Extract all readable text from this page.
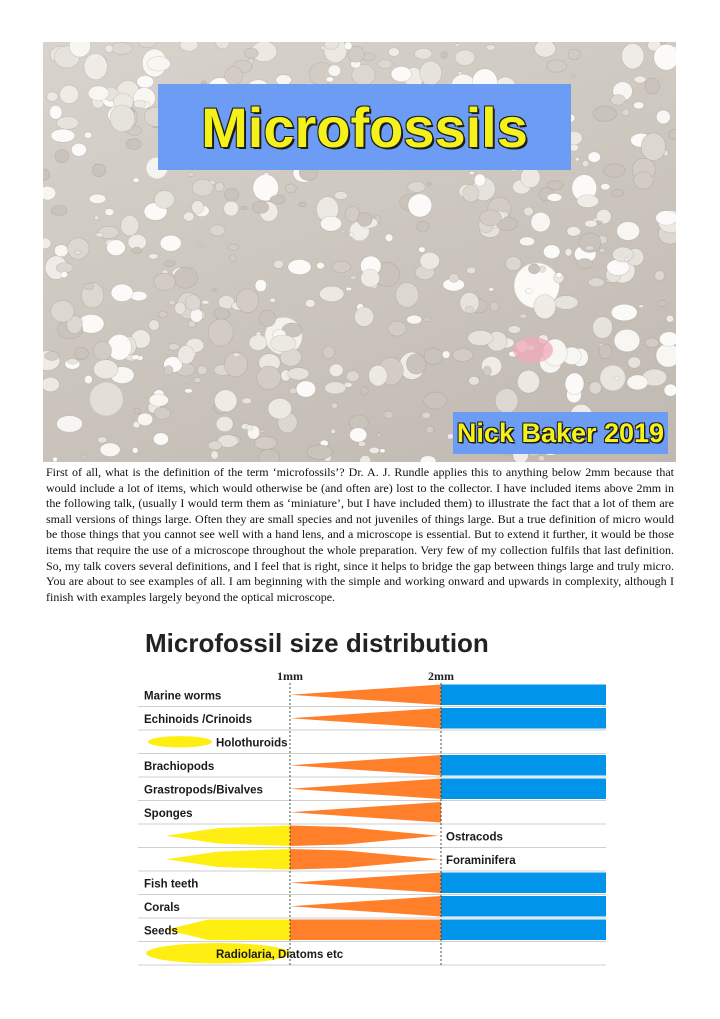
Microfossils
Nick Baker 2019

First of all, what is the definition of the term ‘microfossils’? Dr. A. J. Rundle applies this to anything below 2mm because that would include a lot of items, which would otherwise be (and often are) lost to the collector. I have included items above 2mm in the following talk, (usually I would term them as ‘miniature’, but I have included them) to illustrate the fact that a lot of them are small versions of things large. Often they are small species and not juveniles of things large. But a true definition of micro would be those things that you cannot see well with a hand lens, and a microscope is essential. But to extend it further, it would be those items that require the use of a microscope throughout the whole preparation. Very few of my collection fulfils that last definition. So, my talk covers several definitions, and I feel that is right, since it helps to bridge the gap between things large and truly micro. You are about to see examples of all. I am beginning with the simple and working onward and upwards in complexity, although I finish with examples largely beyond the optical microscope.

Microfossil size distribution
1mm	2mm
Marine worms
Echinoids /Crinoids
Holothuroids
Brachiopods
Grastropods/Bivalves
Sponges
Ostracods
Foraminifera
Fish teeth
Corals
Seeds
Radiolaria, Diatoms etc
